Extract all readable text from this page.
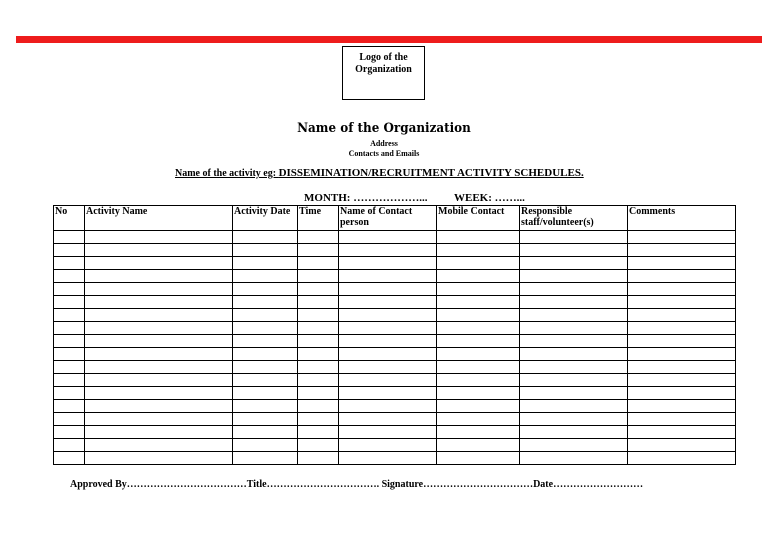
Logo of the
Organization
Name of the Organization
Address
Contacts and Emails
Name of the activity eg: DISSEMINATION/RECRUITMENT ACTIVITY SCHEDULES.
MONTH: ………………... WEEK: ……...
No	Activity Name	Activity Date	Time	Name of Contact person	Mobile Contact	Responsible staff/volunteer(s)	Comments

Approved By………………………………Title……………………………. Signature……………………………Date………………………
